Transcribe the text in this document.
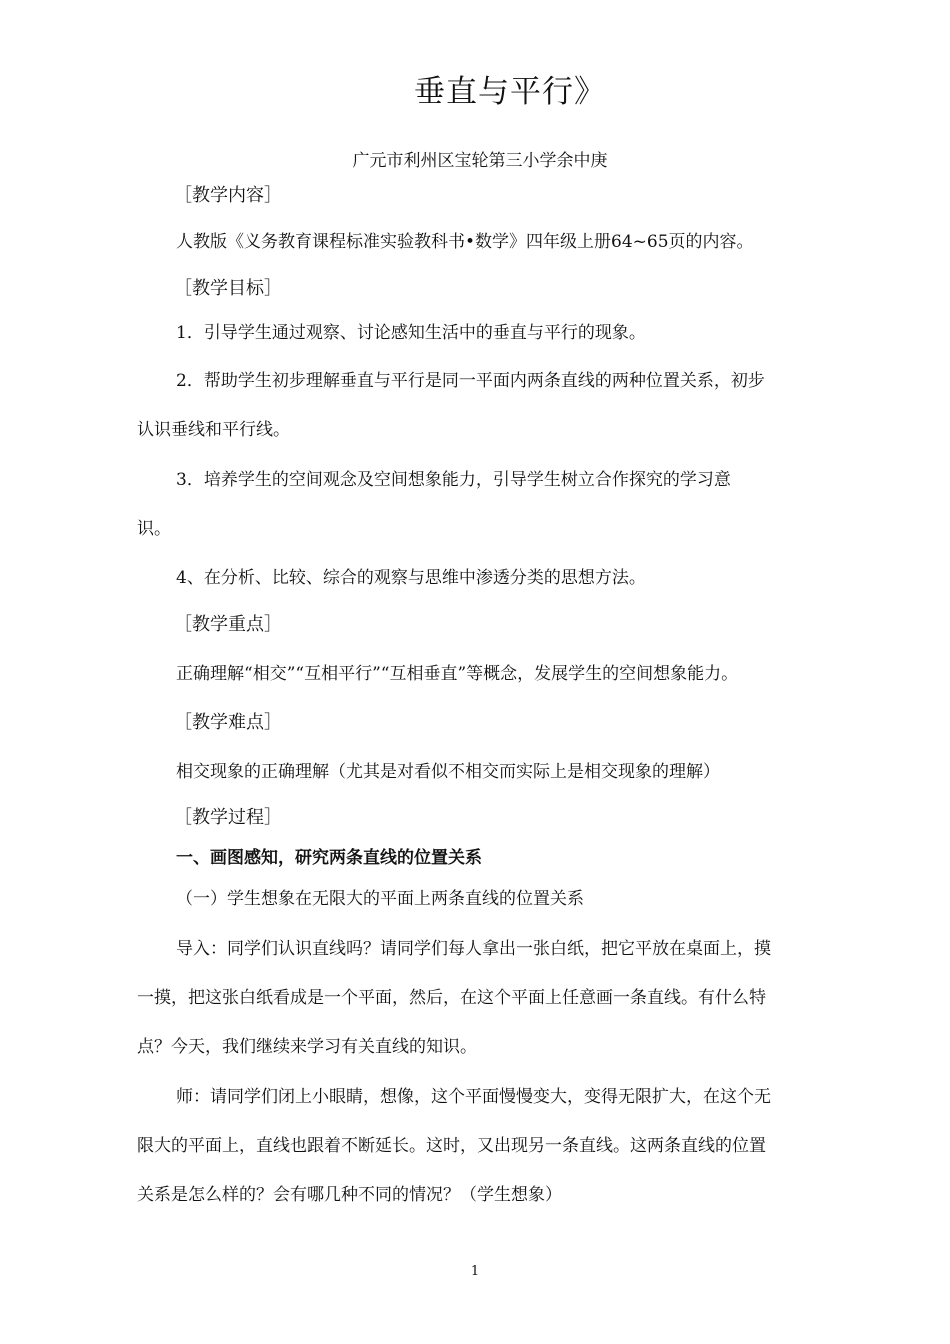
垂直与平行》
广元市利州区宝轮第三小学余中庚
［教学内容］
人教版《义务教育课程标准实验教科书•数学》四年级上册64~65页的内容。
［教学目标］
1．引导学生通过观察、讨论感知生活中的垂直与平行的现象。
2．帮助学生初步理解垂直与平行是同一平面内两条直线的两种位置关系，初步
认识垂线和平行线。
3．培养学生的空间观念及空间想象能力，引导学生树立合作探究的学习意
识。
4、在分析、比较、综合的观察与思维中渗透分类的思想方法。
［教学重点］
正确理解“相交”“互相平行”“互相垂直”等概念，发展学生的空间想象能力。
［教学难点］
相交现象的正确理解（尤其是对看似不相交而实际上是相交现象的理解）
［教学过程］
一、画图感知，研究两条直线的位置关系
（一）学生想象在无限大的平面上两条直线的位置关系
导入：同学们认识直线吗？请同学们每人拿出一张白纸，把它平放在桌面上，摸
一摸，把这张白纸看成是一个平面，然后，在这个平面上任意画一条直线。有什么特
点？今天，我们继续来学习有关直线的知识。
师：请同学们闭上小眼睛，想像，这个平面慢慢变大，变得无限扩大，在这个无
限大的平面上，直线也跟着不断延长。这时，又出现另一条直线。这两条直线的位置
关系是怎么样的？会有哪几种不同的情况？（学生想象）
1
